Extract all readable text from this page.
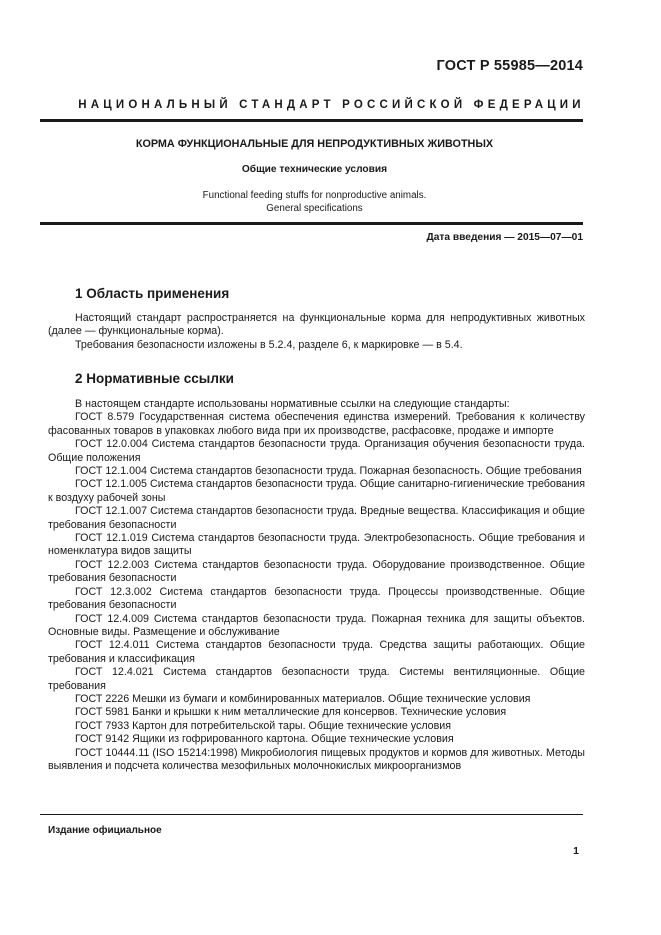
ГОСТ Р 55985—2014
НАЦИОНАЛЬНЫЙ СТАНДАРТ РОССИЙСКОЙ ФЕДЕРАЦИИ
КОРМА ФУНКЦИОНАЛЬНЫЕ ДЛЯ НЕПРОДУКТИВНЫХ ЖИВОТНЫХ
Общие технические условия
Functional feeding stuffs for nonproductive animals.
General specifications
Дата введения — 2015—07—01
1 Область применения

Настоящий стандарт распространяется на функциональные корма для непродуктивных животных (далее — функциональные корма).

Требования безопасности изложены в 5.2.4, разделе 6, к маркировке — в 5.4.

2 Нормативные ссылки

В настоящем стандарте использованы нормативные ссылки на следующие стандарты:

ГОСТ 8.579 Государственная система обеспечения единства измерений. Требования к количеству фасованных товаров в упаковках любого вида при их производстве, расфасовке, продаже и импорте

ГОСТ 12.0.004 Система стандартов безопасности труда. Организация обучения безопасности труда. Общие положения

ГОСТ 12.1.004 Система стандартов безопасности труда. Пожарная безопасность. Общие требования

ГОСТ 12.1.005 Система стандартов безопасности труда. Общие санитарно-гигиенические требования к воздуху рабочей зоны

ГОСТ 12.1.007 Система стандартов безопасности труда. Вредные вещества. Классификация и общие требования безопасности

ГОСТ 12.1.019 Система стандартов безопасности труда. Электробезопасность. Общие требования и номенклатура видов защиты

ГОСТ 12.2.003 Система стандартов безопасности труда. Оборудование производственное. Общие требования безопасности

ГОСТ 12.3.002 Система стандартов безопасности труда. Процессы производственные. Общие требования безопасности

ГОСТ 12.4.009 Система стандартов безопасности труда. Пожарная техника для защиты объектов. Основные виды. Размещение и обслуживание

ГОСТ 12.4.011 Система стандартов безопасности труда. Средства защиты работающих. Общие требования и классификация

ГОСТ 12.4.021 Система стандартов безопасности труда. Системы вентиляционные. Общие требования

ГОСТ 2226 Мешки из бумаги и комбинированных материалов. Общие технические условия

ГОСТ 5981 Банки и крышки к ним металлические для консервов. Технические условия

ГОСТ 7933 Картон для потребительской тары. Общие технические условия

ГОСТ 9142 Ящики из гофрированного картона. Общие технические условия

ГОСТ 10444.11 (ISO 15214:1998) Микробиология пищевых продуктов и кормов для животных. Методы выявления и подсчета количества мезофильных молочнокислых микроорганизмов

Издание официальное
1
